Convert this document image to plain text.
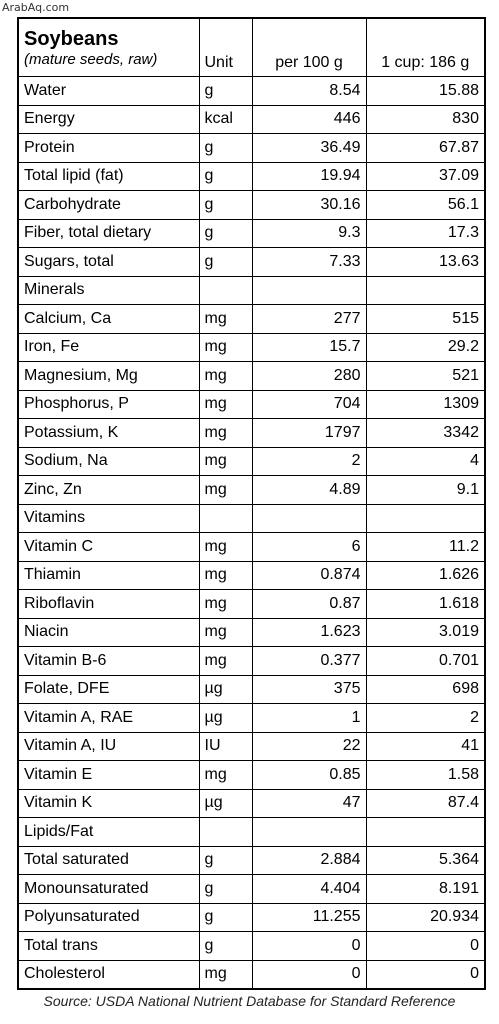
ArabAq.com
Soybeans
(mature seeds, raw)	Unit	per 100 g	1 cup: 186 g
Water	g	8.54	15.88
Energy	kcal	446	830
Protein	g	36.49	67.87
Total lipid (fat)	g	19.94	37.09
Carbohydrate	g	30.16	56.1
Fiber, total dietary	g	9.3	17.3
Sugars, total	g	7.33	13.63
Minerals			
Calcium, Ca	mg	277	515
Iron, Fe	mg	15.7	29.2
Magnesium, Mg	mg	280	521
Phosphorus, P	mg	704	1309
Potassium, K	mg	1797	3342
Sodium, Na	mg	2	4
Zinc, Zn	mg	4.89	9.1
Vitamins			
Vitamin C	mg	6	11.2
Thiamin	mg	0.874	1.626
Riboflavin	mg	0.87	1.618
Niacin	mg	1.623	3.019
Vitamin B-6	mg	0.377	0.701
Folate, DFE	µg	375	698
Vitamin A, RAE	µg	1	2
Vitamin A, IU	IU	22	41
Vitamin E	mg	0.85	1.58
Vitamin K	µg	47	87.4
Lipids/Fat			
Total saturated	g	2.884	5.364
Monounsaturated	g	4.404	8.191
Polyunsaturated	g	11.255	20.934
Total trans	g	0	0
Cholesterol	mg	0	0
Source: USDA National Nutrient Database for Standard Reference
